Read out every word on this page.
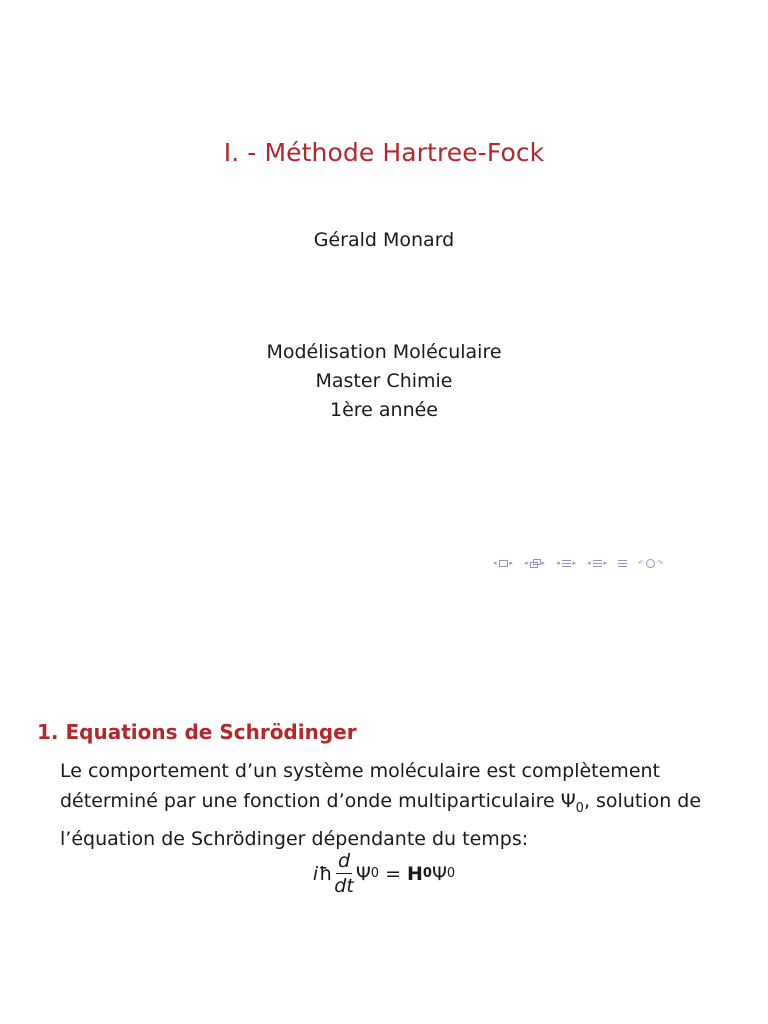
I. - Méthode Hartree-Fock
Gérald Monard
Modélisation Moléculaire
Master Chimie
1ère année
◂ ▸ ◂ ▸ ◂ ▸ ◂ ▸	↶ ↷
1. Equations de Schrödinger
Le comportement d’un système moléculaire est complètement
déterminé par une fonction d’onde multiparticulaire $\Psi_0$, solution de
l’équation de Schrödinger dépendante du temps:
i ħ $\frac{d}{dt}$ Ψ 0 = H 0 Ψ 0
